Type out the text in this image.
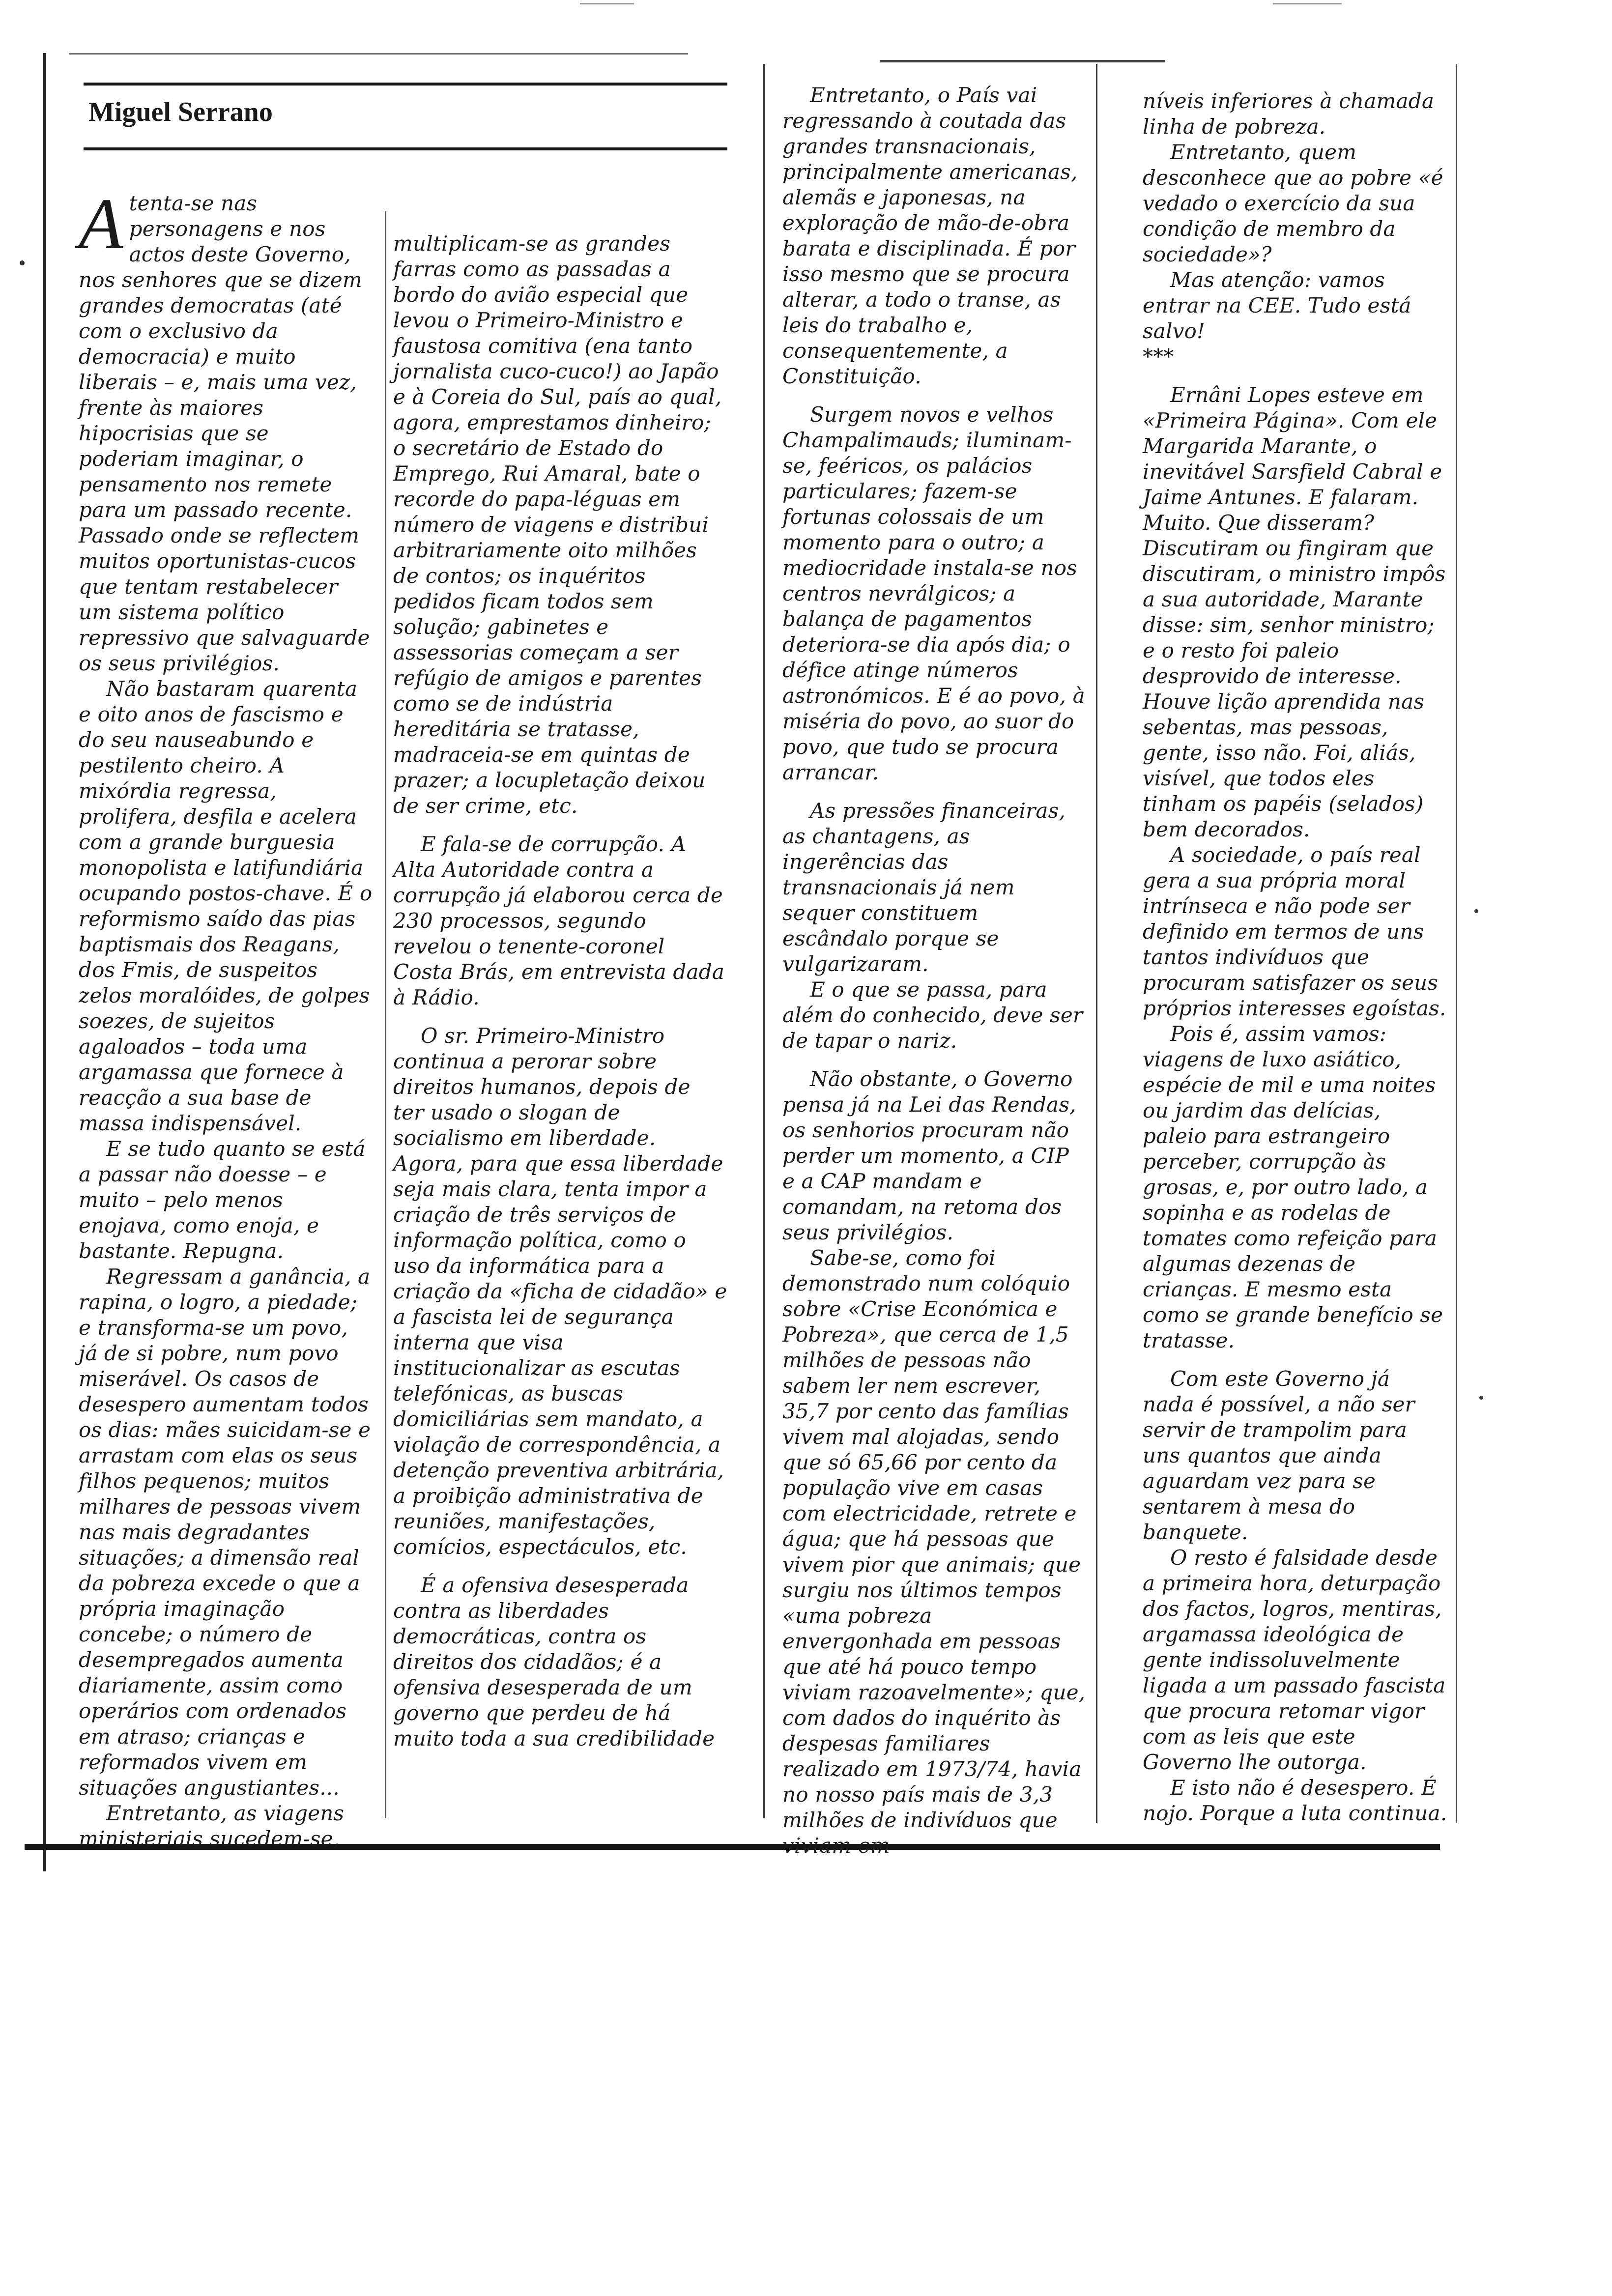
Miguel Serrano

Atenta-se nas personagens e nos actos deste Governo, nos senhores que se dizem grandes democratas (até com o exclusivo da democracia) e muito liberais – e, mais uma vez, frente às maiores hipocrisias que se poderiam imaginar, o pensamento nos remete para um passado recente. Passado onde se reflectem muitos oportunistas-cucos que tentam restabelecer um sistema político repressivo que salvaguarde os seus privilégios.

Não bastaram quarenta e oito anos de fascismo e do seu nauseabundo e pestilento cheiro. A mixórdia regressa, prolifera, desfila e acelera com a grande burguesia monopolista e latifundiária ocupando postos-chave. É o reformismo saído das pias baptismais dos Reagans, dos Fmis, de suspeitos zelos moralóides, de golpes soezes, de sujeitos agaloados – toda uma argamassa que fornece à reacção a sua base de massa indispensável.

E se tudo quanto se está a passar não doesse – e muito – pelo menos enojava, como enoja, e bastante. Repugna.

Regressam a ganância, a rapina, o logro, a piedade; e transforma-se um povo, já de si pobre, num povo miserável. Os casos de desespero aumentam todos os dias: mães suicidam-se e arrastam com elas os seus filhos pequenos; muitos milhares de pessoas vivem nas mais degradantes situações; a dimensão real da pobreza excede o que a própria imaginação concebe; o número de desempregados aumenta diariamente, assim como operários com ordenados em atraso; crianças e reformados vivem em situações angustiantes...

Entretanto, as viagens ministeriais sucedem-se,

multiplicam-se as grandes farras como as passadas a bordo do avião especial que levou o Primeiro-Ministro e faustosa comitiva (ena tanto jornalista cuco-cuco!) ao Japão e à Coreia do Sul, país ao qual, agora, emprestamos dinheiro; o secretário de Estado do Emprego, Rui Amaral, bate o recorde do papa-léguas em número de viagens e distribui arbitrariamente oito milhões de contos; os inquéritos pedidos ficam todos sem solução; gabinetes e assessorias começam a ser refúgio de amigos e parentes como se de indústria hereditária se tratasse, madraceia-se em quintas de prazer; a locupletação deixou de ser crime, etc.

E fala-se de corrupção. A Alta Autoridade contra a corrupção já elaborou cerca de 230 processos, segundo revelou o tenente-coronel Costa Brás, em entrevista dada à Rádio.

O sr. Primeiro-Ministro continua a perorar sobre direitos humanos, depois de ter usado o slogan de socialismo em liberdade. Agora, para que essa liberdade seja mais clara, tenta impor a criação de três serviços de informação política, como o uso da informática para a criação da «ficha de cidadão» e a fascista lei de segurança interna que visa institucionalizar as escutas telefónicas, as buscas domiciliárias sem mandato, a violação de correspondência, a detenção preventiva arbitrária, a proibição administrativa de reuniões, manifestações, comícios, espectáculos, etc.

É a ofensiva desesperada contra as liberdades democráticas, contra os direitos dos cidadãos; é a ofensiva desesperada de um governo que perdeu de há muito toda a sua credibilidade

Entretanto, o País vai regressando à coutada das grandes transnacionais, principalmente americanas, alemãs e japonesas, na exploração de mão-de-obra barata e disciplinada. É por isso mesmo que se procura alterar, a todo o transe, as leis do trabalho e, consequentemente, a Constituição.

Surgem novos e velhos Champalimauds; iluminam-se, feéricos, os palácios particulares; fazem-se fortunas colossais de um momento para o outro; a mediocridade instala-se nos centros nevrálgicos; a balança de pagamentos deteriora-se dia após dia; o défice atinge números astronómicos. E é ao povo, à miséria do povo, ao suor do povo, que tudo se procura arrancar.

As pressões financeiras, as chantagens, as ingerências das transnacionais já nem sequer constituem escândalo porque se vulgarizaram.

E o que se passa, para além do conhecido, deve ser de tapar o nariz.

Não obstante, o Governo pensa já na Lei das Rendas, os senhorios procuram não perder um momento, a CIP e a CAP mandam e comandam, na retoma dos seus privilégios.

Sabe-se, como foi demonstrado num colóquio sobre «Crise Económica e Pobreza», que cerca de 1,5 milhões de pessoas não sabem ler nem escrever, 35,7 por cento das famílias vivem mal alojadas, sendo que só 65,66 por cento da população vive em casas com electricidade, retrete e água; que há pessoas que vivem pior que animais; que surgiu nos últimos tempos «uma pobreza envergonhada em pessoas que até há pouco tempo viviam razoavelmente»; que, com dados do inquérito às despesas familiares realizado em 1973/74, havia no nosso país mais de 3,3 milhões de indivíduos que viviam em

níveis inferiores à chamada linha de pobreza.

Entretanto, quem desconhece que ao pobre «é vedado o exercício da sua condição de membro da sociedade»?

Mas atenção: vamos entrar na CEE. Tudo está salvo!

***

Ernâni Lopes esteve em «Primeira Página». Com ele Margarida Marante, o inevitável Sarsfield Cabral e Jaime Antunes. E falaram. Muito. Que disseram? Discutiram ou fingiram que discutiram, o ministro impôs a sua autoridade, Marante disse: sim, senhor ministro; e o resto foi paleio desprovido de interesse. Houve lição aprendida nas sebentas, mas pessoas, gente, isso não. Foi, aliás, visível, que todos eles tinham os papéis (selados) bem decorados.

A sociedade, o país real gera a sua própria moral intrínseca e não pode ser definido em termos de uns tantos indivíduos que procuram satisfazer os seus próprios interesses egoístas.

Pois é, assim vamos: viagens de luxo asiático, espécie de mil e uma noites ou jardim das delícias, paleio para estrangeiro perceber, corrupção às grosas, e, por outro lado, a sopinha e as rodelas de tomates como refeição para algumas dezenas de crianças. E mesmo esta como se grande benefício se tratasse.

Com este Governo já nada é possível, a não ser servir de trampolim para uns quantos que ainda aguardam vez para se sentarem à mesa do banquete.

O resto é falsidade desde a primeira hora, deturpação dos factos, logros, mentiras, argamassa ideológica de gente indissoluvelmente ligada a um passado fascista que procura retomar vigor com as leis que este Governo lhe outorga.

E isto não é desespero. É nojo. Porque a luta continua.
